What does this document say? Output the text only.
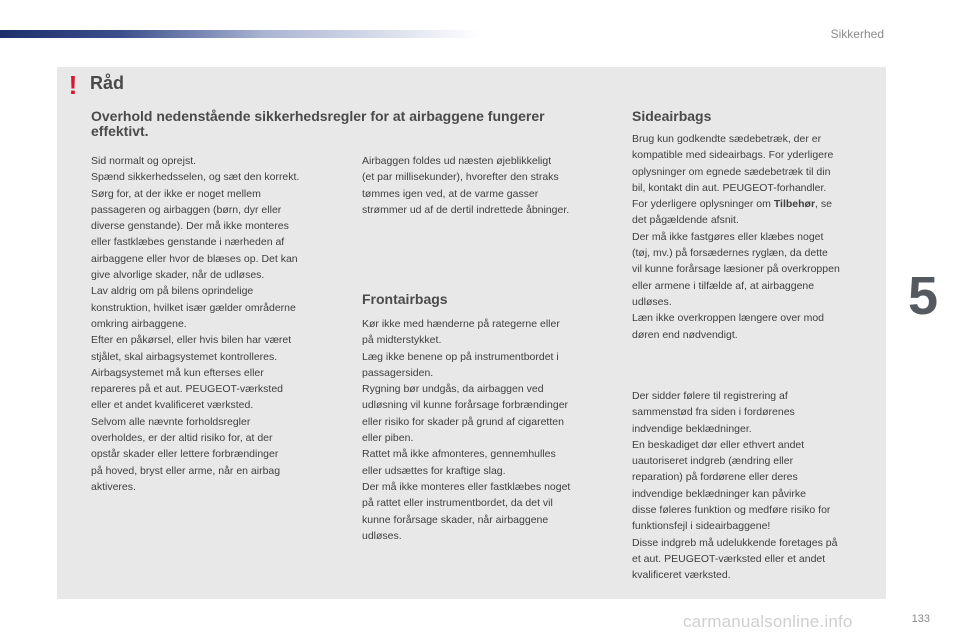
Sikkerhed
! Råd
Overhold nedenstående sikkerhedsregler for at airbaggene fungerer effektivt.

Sid normalt og oprejst.

Spænd sikkerhedsselen, og sæt den korrekt.

Sørg for, at der ikke er noget mellem

passageren og airbaggen (børn, dyr eller

diverse genstande). Der må ikke monteres

eller fastklæbes genstande i nærheden af

airbaggene eller hvor de blæses op. Det kan

give alvorlige skader, når de udløses.

Lav aldrig om på bilens oprindelige

konstruktion, hvilket især gælder områderne

omkring airbaggene.

Efter en påkørsel, eller hvis bilen har været

stjålet, skal airbagsystemet kontrolleres.

Airbagsystemet må kun efterses eller

repareres på et aut. PEUGEOT-værksted

eller et andet kvalificeret værksted.

Selvom alle nævnte forholdsregler

overholdes, er der altid risiko for, at der

opstår skader eller lettere forbrændinger

på hoved, bryst eller arme, når en airbag

aktiveres.

Airbaggen foldes ud næsten øjeblikkeligt

(et par millisekunder), hvorefter den straks

tømmes igen ved, at de varme gasser

strømmer ud af de dertil indrettede åbninger.

Frontairbags

Kør ikke med hænderne på rategerne eller

på midterstykket.

Læg ikke benene op på instrumentbordet i

passagersiden.

Rygning bør undgås, da airbaggen ved

udløsning vil kunne forårsage forbrændinger

eller risiko for skader på grund af cigaretten

eller piben.

Rattet må ikke afmonteres, gennemhulles

eller udsættes for kraftige slag.

Der må ikke monteres eller fastklæbes noget

på rattet eller instrumentbordet, da det vil

kunne forårsage skader, når airbaggene

udløses.

Sideairbags

Brug kun godkendte sædebetræk, der er

kompatible med sideairbags. For yderligere

oplysninger om egnede sædebetræk til din

bil, kontakt din aut. PEUGEOT-forhandler.

For yderligere oplysninger om Tilbehør, se

det pågældende afsnit.

Der må ikke fastgøres eller klæbes noget

(tøj, mv.) på forsædernes ryglæn, da dette

vil kunne forårsage læsioner på overkroppen

eller armene i tilfælde af, at airbaggene

udløses.

Læn ikke overkroppen længere over mod

døren end nødvendigt.

Der sidder følere til registrering af

sammenstød fra siden i fordørenes

indvendige beklædninger.

En beskadiget dør eller ethvert andet

uautoriseret indgreb (ændring eller

reparation) på fordørene eller deres

indvendige beklædninger kan påvirke

disse føleres funktion og medføre risiko for

funktionsfejl i sideairbaggene!

Disse indgreb må udelukkende foretages på

et aut. PEUGEOT-værksted eller et andet

kvalificeret værksted.

5
carmanualsonline.info	133
